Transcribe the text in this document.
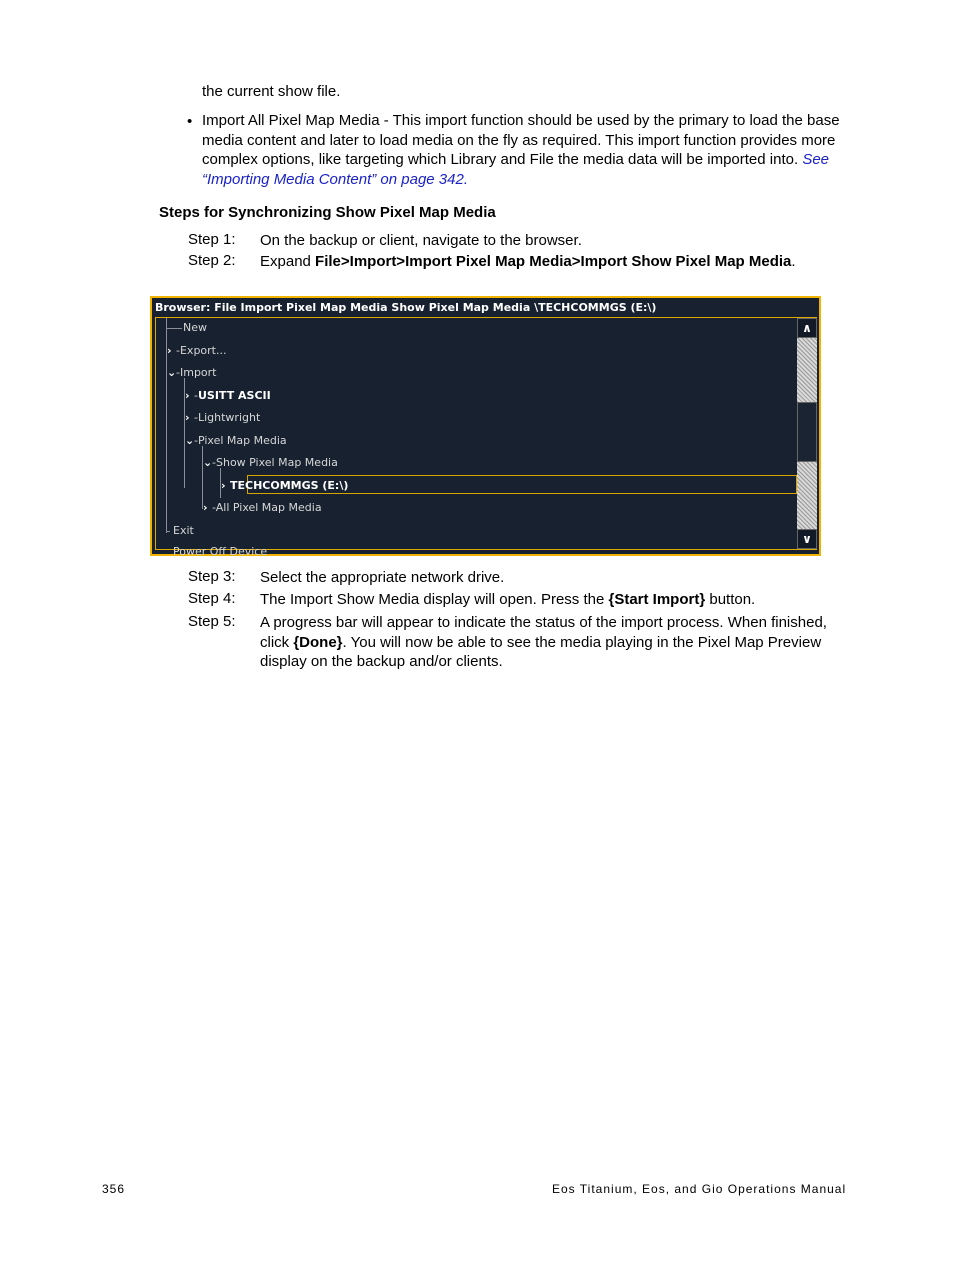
the current show file.
• Import All Pixel Map Media - This import function should be used by the primary to load the base media content and later to load media on the fly as required. This import function provides more complex options, like targeting which Library and File the media data will be imported into. See “Importing Media Content” on page 342.
Steps for Synchronizing Show Pixel Map Media
Step 1: On the backup or client, navigate to the browser.
Step 2: Expand File>Import>Import Pixel Map Media>Import Show Pixel Map Media.
Browser: File Import Pixel Map Media Show Pixel Map Media \TECHCOMMGS (E:\)
New
› -Export...
⌄-Import
› -USITT ASCII
› -Lightwright
⌄-Pixel Map Media
⌄-Show Pixel Map Media
› TECHCOMMGS (E:\)
› -All Pixel Map Media
Exit
Power Off Device
∧
∨
Step 3: Select the appropriate network drive.
Step 4: The Import Show Media display will open. Press the {Start Import} button.
Step 5: A progress bar will appear to indicate the status of the import process. When finished, click {Done}. You will now be able to see the media playing in the Pixel Map Preview display on the backup and/or clients.
356	Eos Titanium, Eos, and Gio Operations Manual
